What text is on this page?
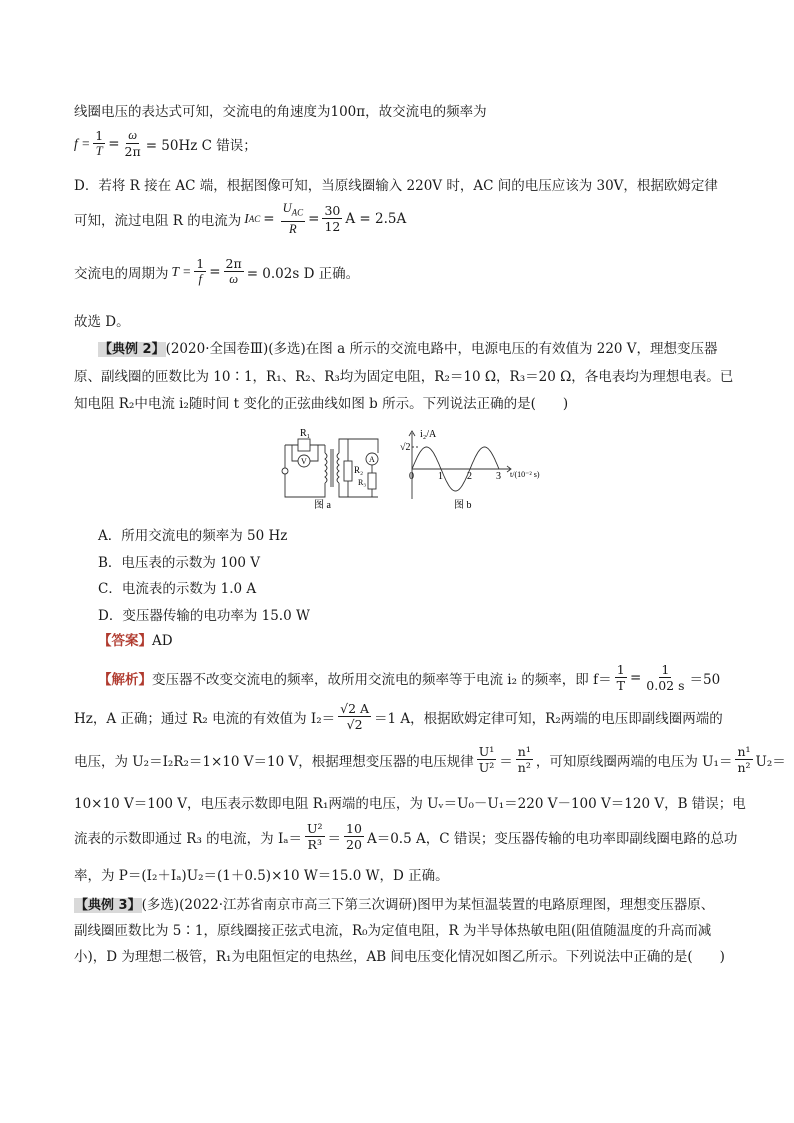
线圈电压的表达式可知，交流电的角速度为100π，故交流电的频率为
$f = \frac{1}{T} = \frac{\omega}{2\pi} = 50Hz$ C 错误；
D．若将 R 接在 AC 端，根据图像可知，当原线圈输入 220V 时，AC 间的电压应该为 30V，根据欧姆定律
可知，流过电阻 R 的电流为 I AC = $\frac{U_{AC}}{R} = \frac{30}{12}$ A = 2.5A
交流电的周期为 $T = \frac{1}{f} = \frac{2\pi}{\omega} = 0.02s$ D 正确。
故选 D。
【典例 2】(2020·全国卷Ⅲ)(多选)在图 a 所示的交流电路中，电源电压的有效值为 220 V，理想变压器
原、副线圈的匝数比为 10∶1，R₁、R₂、R₃均为固定电阻，R₂＝10 Ω，R₃＝20 Ω，各电表均为理想电表。已
知电阻 R₂中电流 i₂随时间 t 变化的正弦曲线如图 b 所示。下列说法正确的是(　　)
R₁
V
R₂
A
R₃
图 a
i₂/A
√2
t/(10⁻² s)
0 1 2 3
图 b
A．所用交流电的频率为 50 Hz
B．电压表的示数为 100 V
C．电流表的示数为 1.0 A
D．变压器传输的电功率为 15.0 W
【答案】AD
【解析】 变压器不改变交流电的频率，故所用交流电的频率等于电流 i₂ 的频率，即 $f= \frac{1}{T} = \frac{1}{0.02 s} =50$
Hz，A 正确；通过 R₂ 电流的有效值为 $I_2= \frac{√2 A}{√2} =1$ A，根据欧姆定律可知，R₂两端的电压即副线圈两端的
电压，为 U₂＝I₂R₂＝1×10 V＝10 V，根据理想变压器的电压规律 $\frac{\text{U¹}}{\text{U²}} = \frac{\text{n¹}}{\text{n²}}$ ，可知原线圈两端的电压为 $U_1= \frac{\text{n¹}}{\text{n²}} U_2=$
10×10 V＝100 V，电压表示数即电阻 R₁两端的电压，为 Uᵥ＝U₀－U₁＝220 V－100 V＝120 V，B 错误；电
流表的示数即通过 R₃ 的电流，为 $I_a= \frac{\text{U²}}{\text{R³}} = \frac{10}{20} A=0.5$ A，C 错误；变压器传输的电功率即副线圈电路的总功
率，为 P＝(I₂＋Iₐ)U₂＝(1＋0.5)×10 W＝15.0 W，D 正确。
【典例 3】(多选)(2022·江苏省南京市高三下第三次调研)图甲为某恒温装置的电路原理图，理想变压器原、
副线圈匝数比为 5∶1，原线圈接正弦式电流，R₀为定值电阻，R 为半导体热敏电阻(阻值随温度的升高而减
小)，D 为理想二极管，R₁为电阻恒定的电热丝，AB 间电压变化情况如图乙所示。下列说法中正确的是(　　)
